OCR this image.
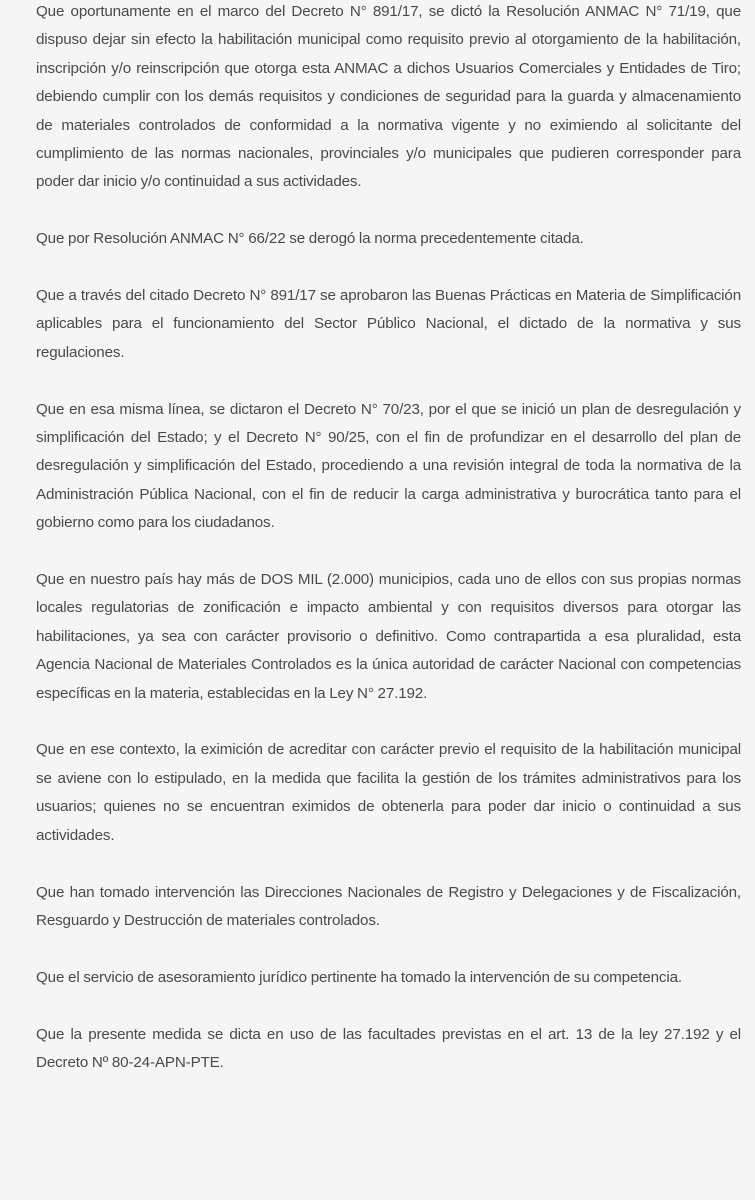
Que oportunamente en el marco del Decreto N° 891/17, se dictó la Resolución ANMAC N° 71/19, que dispuso dejar sin efecto la habilitación municipal como requisito previo al otorgamiento de la habilitación, inscripción y/o reinscripción que otorga esta ANMAC a dichos Usuarios Comerciales y Entidades de Tiro; debiendo cumplir con los demás requisitos y condiciones de seguridad para la guarda y almacenamiento de materiales controlados de conformidad a la normativa vigente y no eximiendo al solicitante del cumplimiento de las normas nacionales, provinciales y/o municipales que pudieren corresponder para poder dar inicio y/o continuidad a sus actividades.

Que por Resolución ANMAC N° 66/22 se derogó la norma precedentemente citada.

Que a través del citado Decreto N° 891/17 se aprobaron las Buenas Prácticas en Materia de Simplificación aplicables para el funcionamiento del Sector Público Nacional, el dictado de la normativa y sus regulaciones.

Que en esa misma línea, se dictaron el Decreto N° 70/23, por el que se inició un plan de desregulación y simplificación del Estado; y el Decreto N° 90/25, con el fin de profundizar en el desarrollo del plan de desregulación y simplificación del Estado, procediendo a una revisión integral de toda la normativa de la Administración Pública Nacional, con el fin de reducir la carga administrativa y burocrática tanto para el gobierno como para los ciudadanos.

Que en nuestro país hay más de DOS MIL (2.000) municipios, cada uno de ellos con sus propias normas locales regulatorias de zonificación e impacto ambiental y con requisitos diversos para otorgar las habilitaciones, ya sea con carácter provisorio o definitivo. Como contrapartida a esa pluralidad, esta Agencia Nacional de Materiales Controlados es la única autoridad de carácter Nacional con competencias específicas en la materia, establecidas en la Ley N° 27.192.

Que en ese contexto, la eximición de acreditar con carácter previo el requisito de la habilitación municipal se aviene con lo estipulado, en la medida que facilita la gestión de los trámites administrativos para los usuarios; quienes no se encuentran eximidos de obtenerla para poder dar inicio o continuidad a sus actividades.

Que han tomado intervención las Direcciones Nacionales de Registro y Delegaciones y de Fiscalización, Resguardo y Destrucción de materiales controlados.

Que el servicio de asesoramiento jurídico pertinente ha tomado la intervención de su competencia.

Que la presente medida se dicta en uso de las facultades previstas en el art. 13 de la ley 27.192 y el Decreto Nº 80-24-APN-PTE.
